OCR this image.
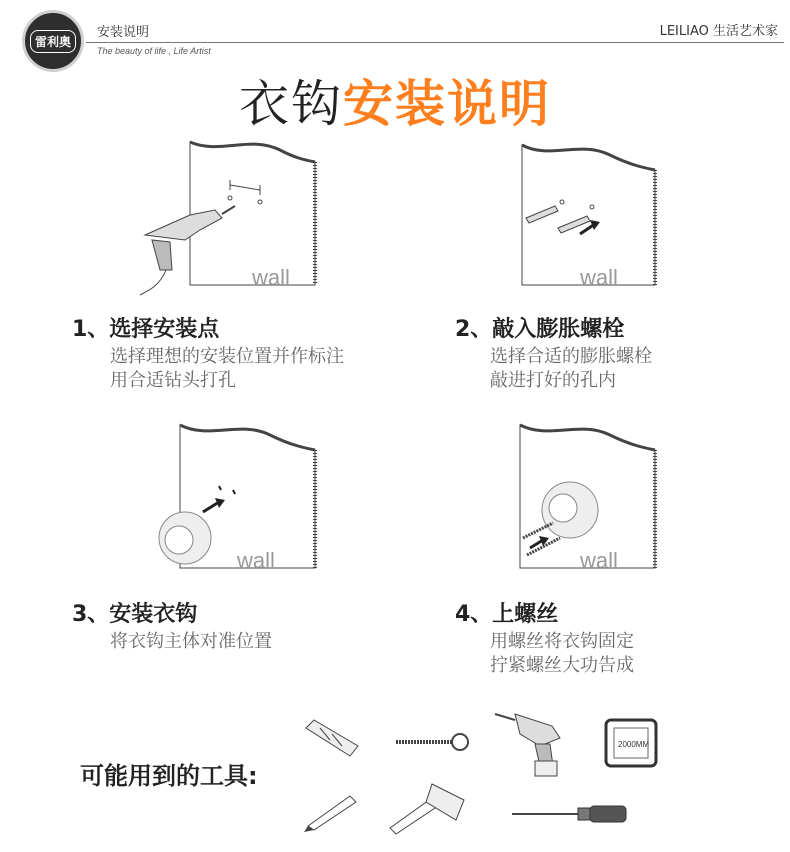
雷利奥
安装说明
The beauty of life , Life Artist
LEILIAO 生活艺术家
衣钩安装说明
wall	wall
wall	wall
1、选择安装点
选择理想的安装位置并作标注
用合适钻头打孔
2、敲入膨胀螺栓
选择合适的膨胀螺栓
敲进打好的孔内
3、安装衣钩
将衣钩主体对准位置
4、上螺丝
用螺丝将衣钩固定
拧紧螺丝大功告成
可能用到的工具:
2000MM
